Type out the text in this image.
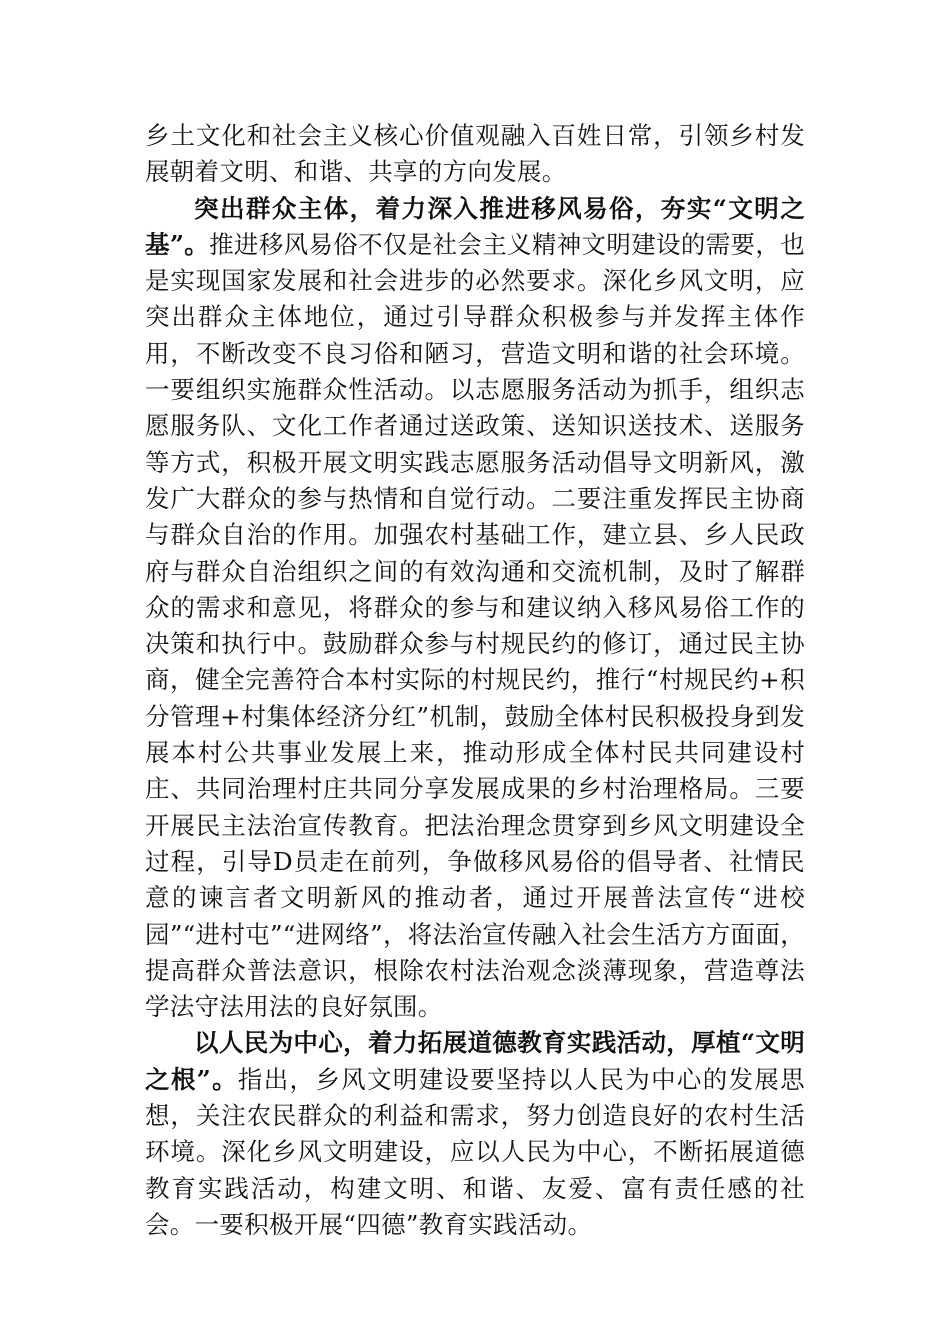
乡土文化和社会主义核心价值观融入百姓日常，引领乡村发展朝着文明、和谐、共享的方向发展。

突出群众主体，着力深入推进移风易俗，夯实“文明之基”。推进移风易俗不仅是社会主义精神文明建设的需要，也是实现国家发展和社会进步的必然要求。深化乡风文明，应突出群众主体地位，通过引导群众积极参与并发挥主体作用，不断改变不良习俗和陋习，营造文明和谐的社会环境。一要组织实施群众性活动。以志愿服务活动为抓手，组织志愿服务队、文化工作者通过送政策、送知识送技术、送服务等方式，积极开展文明实践志愿服务活动倡导文明新风，激发广大群众的参与热情和自觉行动。二要注重发挥民主协商与群众自治的作用。加强农村基础工作，建立县、乡人民政府与群众自治组织之间的有效沟通和交流机制，及时了解群众的需求和意见，将群众的参与和建议纳入移风易俗工作的决策和执行中。鼓励群众参与村规民约的修订，通过民主协商，健全完善符合本村实际的村规民约，推行“村规民约+积分管理+村集体经济分红”机制，鼓励全体村民积极投身到发展本村公共事业发展上来，推动形成全体村民共同建设村庄、共同治理村庄共同分享发展成果的乡村治理格局。三要开展民主法治宣传教育。把法治理念贯穿到乡风文明建设全过程，引导D员走在前列，争做移风易俗的倡导者、社情民意的谏言者文明新风的推动者，通过开展普法宣传“进校园”“进村屯”“进网络”，将法治宣传融入社会生活方方面面，提高群众普法意识，根除农村法治观念淡薄现象，营造尊法学法守法用法的良好氛围。

以人民为中心，着力拓展道德教育实践活动，厚植“文明之根”。指出，乡风文明建设要坚持以人民为中心的发展思想，关注农民群众的利益和需求，努力创造良好的农村生活环境。深化乡风文明建设，应以人民为中心，不断拓展道德教育实践活动，构建文明、和谐、友爱、富有责任感的社会。一要积极开展“四德”教育实践活动。
